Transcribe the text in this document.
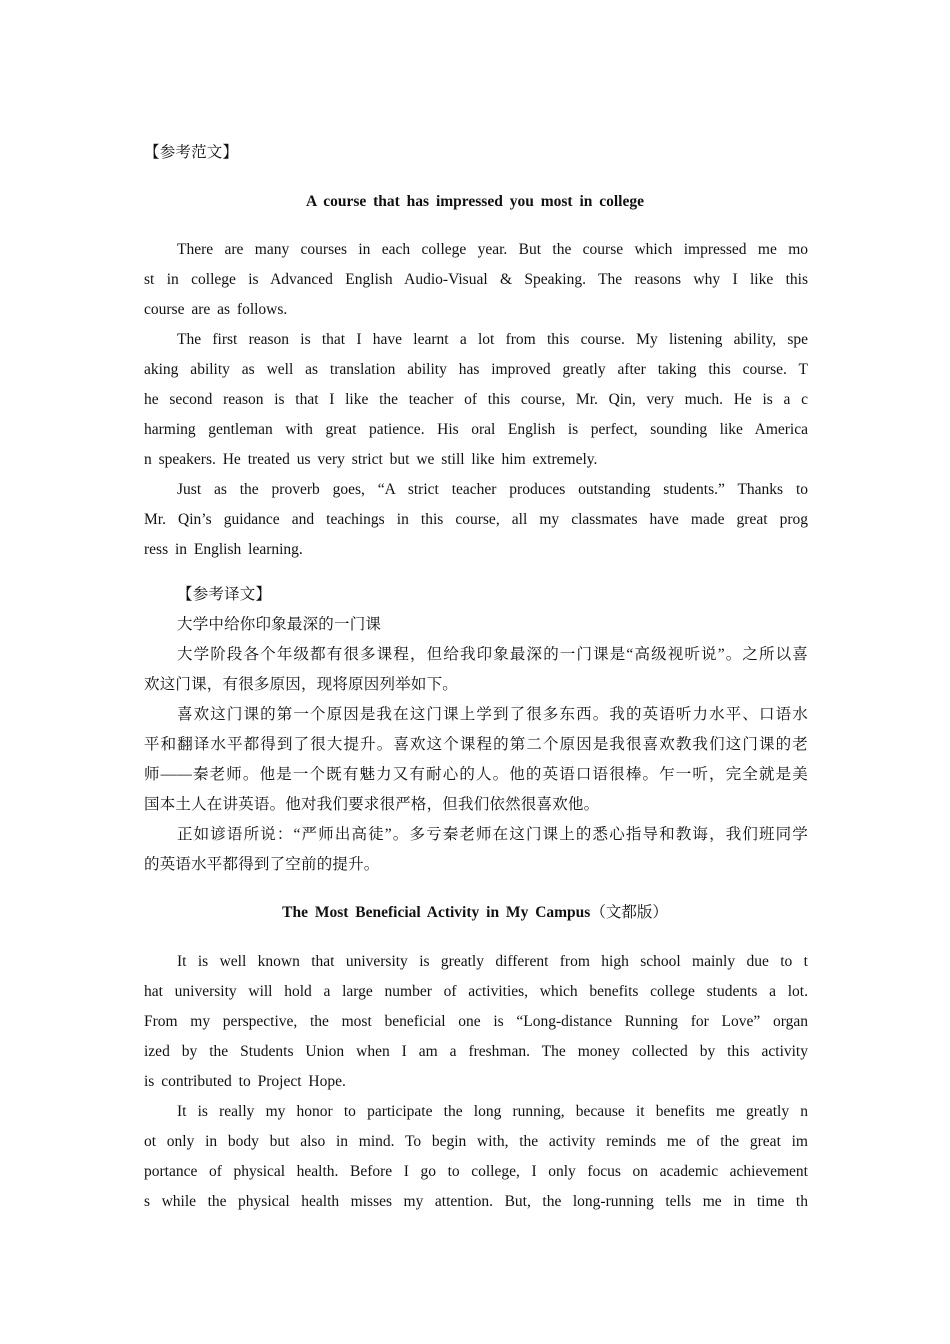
【参考范文】
A course that has impressed you most in college
There are many courses in each college year. But the course which impressed me mo
st in college is Advanced English Audio-Visual & Speaking. The reasons why I like this
course are as follows.
The first reason is that I have learnt a lot from this course. My listening ability, spe
aking ability as well as translation ability has improved greatly after taking this course. T
he second reason is that I like the teacher of this course, Mr. Qin, very much. He is a c
harming gentleman with great patience. His oral English is perfect, sounding like America
n speakers. He treated us very strict but we still like him extremely.
Just as the proverb goes, “A strict teacher produces outstanding students.” Thanks to
Mr. Qin’s guidance and teachings in this course, all my classmates have made great prog
ress in English learning.
【参考译文】
大学中给你印象最深的一门课
大学阶段各个年级都有很多课程，但给我印象最深的一门课是“高级视听说”。之所以喜
欢这门课，有很多原因，现将原因列举如下。
喜欢这门课的第一个原因是我在这门课上学到了很多东西。我的英语听力水平、口语水
平和翻译水平都得到了很大提升。喜欢这个课程的第二个原因是我很喜欢教我们这门课的老
师——秦老师。他是一个既有魅力又有耐心的人。他的英语口语很棒。乍一听，完全就是美
国本土人在讲英语。他对我们要求很严格，但我们依然很喜欢他。
正如谚语所说：“严师出高徒”。多亏秦老师在这门课上的悉心指导和教诲，我们班同学
的英语水平都得到了空前的提升。
The Most Beneficial Activity in My Campus（文都版）
It is well known that university is greatly different from high school mainly due to t
hat university will hold a large number of activities, which benefits college students a lot.
From my perspective, the most beneficial one is “Long-distance Running for Love” organ
ized by the Students Union when I am a freshman. The money collected by this activity
is contributed to Project Hope.
It is really my honor to participate the long running, because it benefits me greatly n
ot only in body but also in mind. To begin with, the activity reminds me of the great im
portance of physical health. Before I go to college, I only focus on academic achievement
s while the physical health misses my attention. But, the long-running tells me in time th
